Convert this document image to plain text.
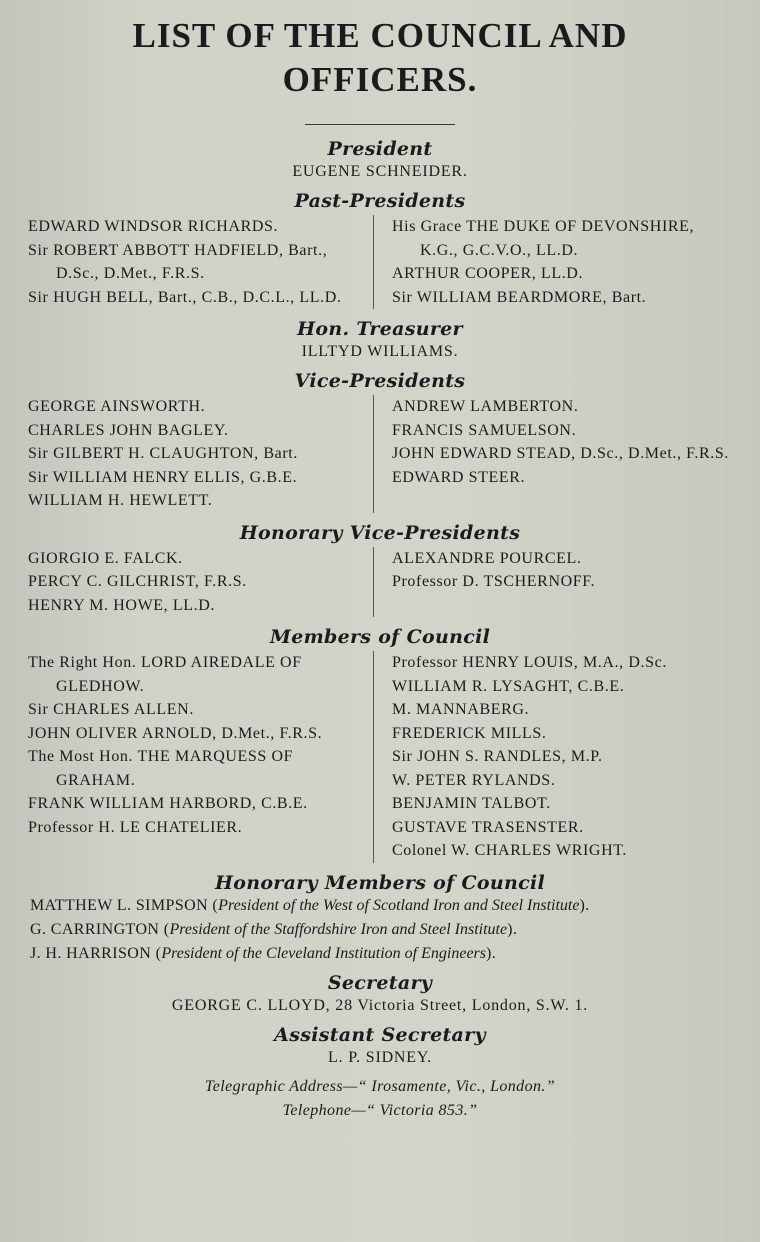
LIST OF THE COUNCIL AND
OFFICERS.
President

EUGENE SCHNEIDER.

Past-Presidents

EDWARD WINDSOR RICHARDS.

Sir ROBERT ABBOTT HADFIELD, Bart., D.Sc., D.Met., F.R.S.

Sir HUGH BELL, Bart., C.B., D.C.L., LL.D.

His Grace THE DUKE OF DEVONSHIRE, K.G., G.C.V.O., LL.D.

ARTHUR COOPER, LL.D.

Sir WILLIAM BEARDMORE, Bart.

Hon. Treasurer

ILLTYD WILLIAMS.

Vice-Presidents

GEORGE AINSWORTH.

CHARLES JOHN BAGLEY.

Sir GILBERT H. CLAUGHTON, Bart.

Sir WILLIAM HENRY ELLIS, G.B.E.

WILLIAM H. HEWLETT.

ANDREW LAMBERTON.

FRANCIS SAMUELSON.

JOHN EDWARD STEAD, D.Sc., D.Met., F.R.S.

EDWARD STEER.

Honorary Vice-Presidents

GIORGIO E. FALCK.

PERCY C. GILCHRIST, F.R.S.

HENRY M. HOWE, LL.D.

ALEXANDRE POURCEL.

Professor D. TSCHERNOFF.

Members of Council

The Right Hon. LORD AIREDALE OF GLEDHOW.

Sir CHARLES ALLEN.

JOHN OLIVER ARNOLD, D.Met., F.R.S.

The Most Hon. THE MARQUESS OF GRAHAM.

FRANK WILLIAM HARBORD, C.B.E.

Professor H. LE CHATELIER.

Professor HENRY LOUIS, M.A., D.Sc.

WILLIAM R. LYSAGHT, C.B.E.

M. MANNABERG.

FREDERICK MILLS.

Sir JOHN S. RANDLES, M.P.

W. PETER RYLANDS.

BENJAMIN TALBOT.

GUSTAVE TRASENSTER.

Colonel W. CHARLES WRIGHT.

Honorary Members of Council

MATTHEW L. SIMPSON (President of the West of Scotland Iron and Steel Institute).

G. CARRINGTON (President of the Staffordshire Iron and Steel Institute).

J. H. HARRISON (President of the Cleveland Institution of Engineers).

Secretary

GEORGE C. LLOYD, 28 Victoria Street, London, S.W. 1.

Assistant Secretary

L. P. SIDNEY.

Telegraphic Address—“ Irosamente, Vic., London.”

Telephone—“ Victoria 853.”
